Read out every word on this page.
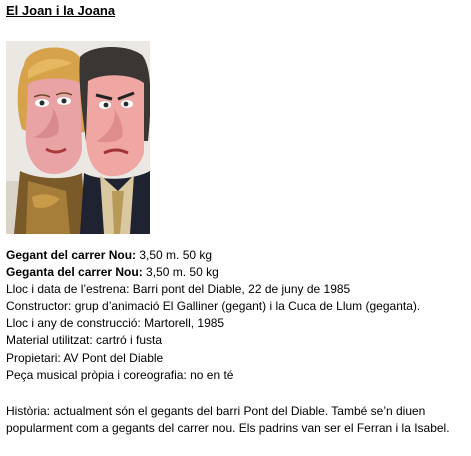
El Joan i la Joana
Gegant del carrer Nou: 3,50 m. 50 kg
Geganta del carrer Nou: 3,50 m. 50 kg
Lloc i data de l’estrena: Barri pont del Diable, 22 de juny de 1985
Constructor: grup d’animació El Galliner (gegant) i la Cuca de Llum (geganta).
Lloc i any de construcció: Martorell, 1985
Material utilitzat: cartró i fusta
Propietari: AV Pont del Diable
Peça musical pròpia i coreografia: no en té
Història: actualment són el gegants del barri Pont del Diable. També se’n diuen popularment com a gegants del carrer nou. Els padrins van ser el Ferran i la Isabel.
